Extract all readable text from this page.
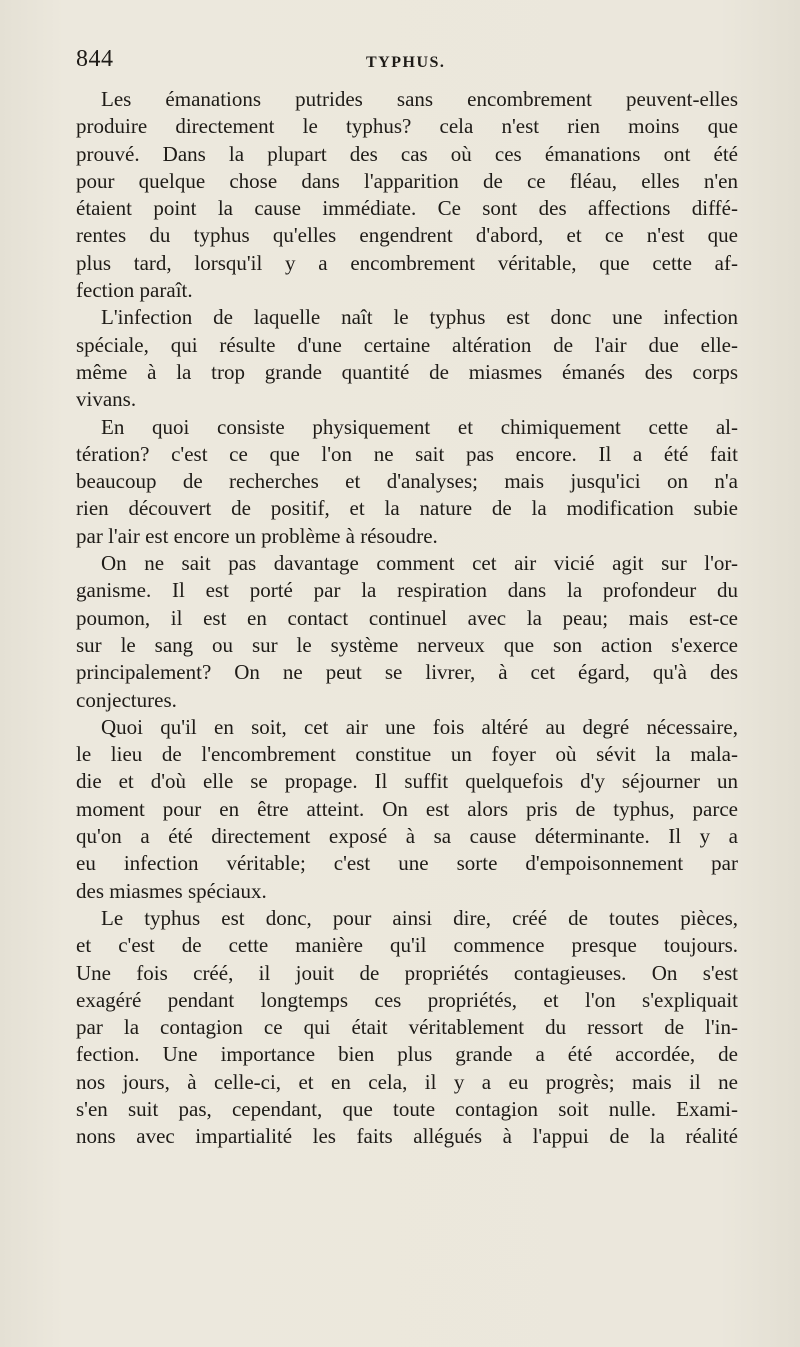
844	TYPHUS.
Les émanations putrides sans encombrement peuvent-elles
produire directement le typhus? cela n'est rien moins que
prouvé. Dans la plupart des cas où ces émanations ont été
pour quelque chose dans l'apparition de ce fléau, elles n'en
étaient point la cause immédiate. Ce sont des affections diffé-
rentes du typhus qu'elles engendrent d'abord, et ce n'est que
plus tard, lorsqu'il y a encombrement véritable, que cette af-
fection paraît.
L'infection de laquelle naît le typhus est donc une infection
spéciale, qui résulte d'une certaine altération de l'air due elle-
même à la trop grande quantité de miasmes émanés des corps
vivans.
En quoi consiste physiquement et chimiquement cette al-
tération? c'est ce que l'on ne sait pas encore. Il a été fait
beaucoup de recherches et d'analyses; mais jusqu'ici on n'a
rien découvert de positif, et la nature de la modification subie
par l'air est encore un problème à résoudre.
On ne sait pas davantage comment cet air vicié agit sur l'or-
ganisme. Il est porté par la respiration dans la profondeur du
poumon, il est en contact continuel avec la peau; mais est-ce
sur le sang ou sur le système nerveux que son action s'exerce
principalement? On ne peut se livrer, à cet égard, qu'à des
conjectures.
Quoi qu'il en soit, cet air une fois altéré au degré nécessaire,
le lieu de l'encombrement constitue un foyer où sévit la mala-
die et d'où elle se propage. Il suffit quelquefois d'y séjourner un
moment pour en être atteint. On est alors pris de typhus, parce
qu'on a été directement exposé à sa cause déterminante. Il y a
eu infection véritable; c'est une sorte d'empoisonnement par
des miasmes spéciaux.
Le typhus est donc, pour ainsi dire, créé de toutes pièces,
et c'est de cette manière qu'il commence presque toujours.
Une fois créé, il jouit de propriétés contagieuses. On s'est
exagéré pendant longtemps ces propriétés, et l'on s'expliquait
par la contagion ce qui était véritablement du ressort de l'in-
fection. Une importance bien plus grande a été accordée, de
nos jours, à celle-ci, et en cela, il y a eu progrès; mais il ne
s'en suit pas, cependant, que toute contagion soit nulle. Exami-
nons avec impartialité les faits allégués à l'appui de la réalité
